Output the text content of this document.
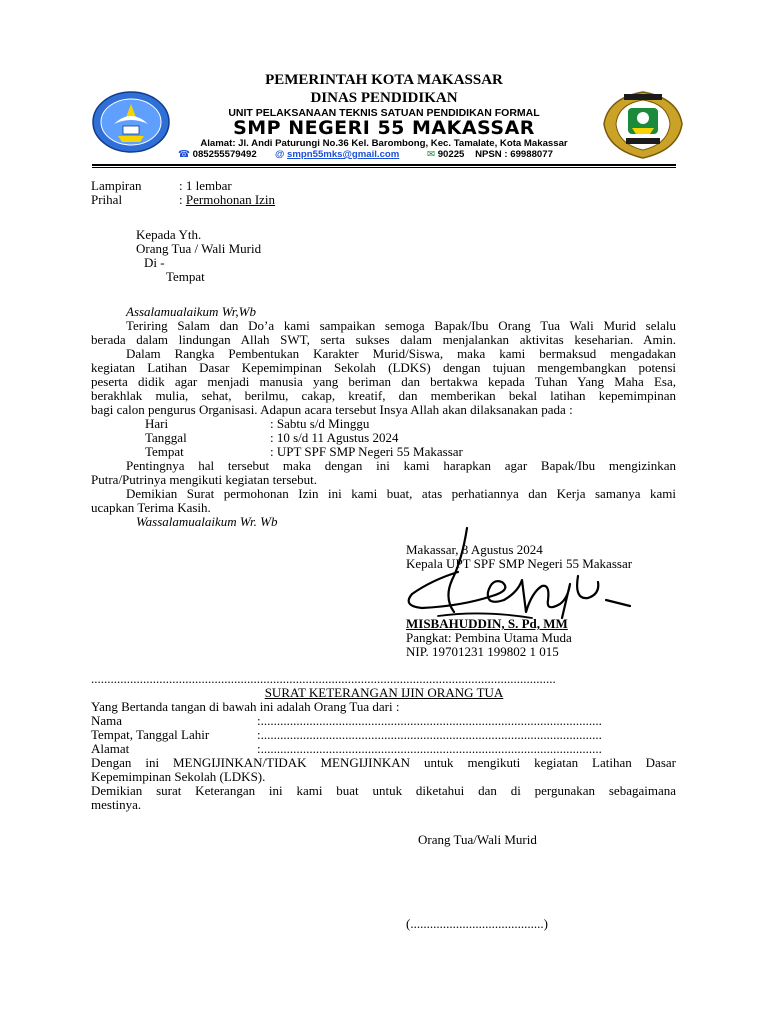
PEMERINTAH KOTA MAKASSAR
DINAS PENDIDIKAN
UNIT PELAKSANAAN TEKNIS SATUAN PENDIDIKAN FORMAL
SMP NEGERI 55 MAKASSAR
Alamat: Jl. Andi Paturungi No.36 Kel. Barombong, Kec. Tamalate, Kota Makassar
☎ 085255579492 @ smpn55mks@gmail.com	✉ 90225 NPSN : 69988077
Lampiran	: 1 lembar
Prihal	: Permohonan Izin
Kepada Yth.
Orang Tua / Wali Murid
Di -
Tempat
Assalamualaikum Wr,Wb
Teriring Salam dan Do’a kami sampaikan semoga Bapak/Ibu Orang Tua Wali Murid selalu
berada dalam lindungan Allah SWT, serta sukses dalam menjalankan aktivitas keseharian. Amin.
Dalam Rangka Pembentukan Karakter Murid/Siswa, maka kami bermaksud mengadakan
kegiatan Latihan Dasar Kepemimpinan Sekolah (LDKS) dengan tujuan mengembangkan potensi
peserta didik agar menjadi manusia yang beriman dan bertakwa kepada Tuhan Yang Maha Esa,
berakhlak mulia, sehat, berilmu, cakap, kreatif, dan memberikan bekal latihan kepemimpinan
bagi calon pengurus Organisasi. Adapun acara tersebut Insya Allah akan dilaksanakan pada :
Hari	: Sabtu s/d Minggu
Tanggal	: 10 s/d 11 Agustus 2024
Tempat	: UPT SPF SMP Negeri 55 Makassar
Pentingnya hal tersebut maka dengan ini kami harapkan agar Bapak/Ibu mengizinkan
Putra/Putrinya mengikuti kegiatan tersebut.
Demikian Surat permohonan Izin ini kami buat, atas perhatiannya dan Kerja samanya kami
ucapkan Terima Kasih.
Wassalamualaikum Wr. Wb
Makassar, 8 Agustus 2024
Kepala UPT SPF SMP Negeri 55 Makassar
MISBAHUDDIN, S. Pd, MM
Pangkat: Pembina Utama Muda
NIP. 19701231 199802 1 015
...............................................................................................................................................
SURAT KETERANGAN IJIN ORANG TUA
Yang Bertanda tangan di bawah ini adalah Orang Tua dari :
Nama	:.........................................................................................................
Tempat, Tanggal Lahir	:.........................................................................................................
Alamat	:.........................................................................................................
Dengan ini MENGIJINKAN/TIDAK MENGIJINKAN untuk mengikuti kegiatan Latihan Dasar
Kepemimpinan Sekolah (LDKS).
Demikian surat Keterangan ini kami buat untuk diketahui dan di pergunakan sebagaimana
mestinya.
Orang Tua/Wali Murid
(.........................................)
